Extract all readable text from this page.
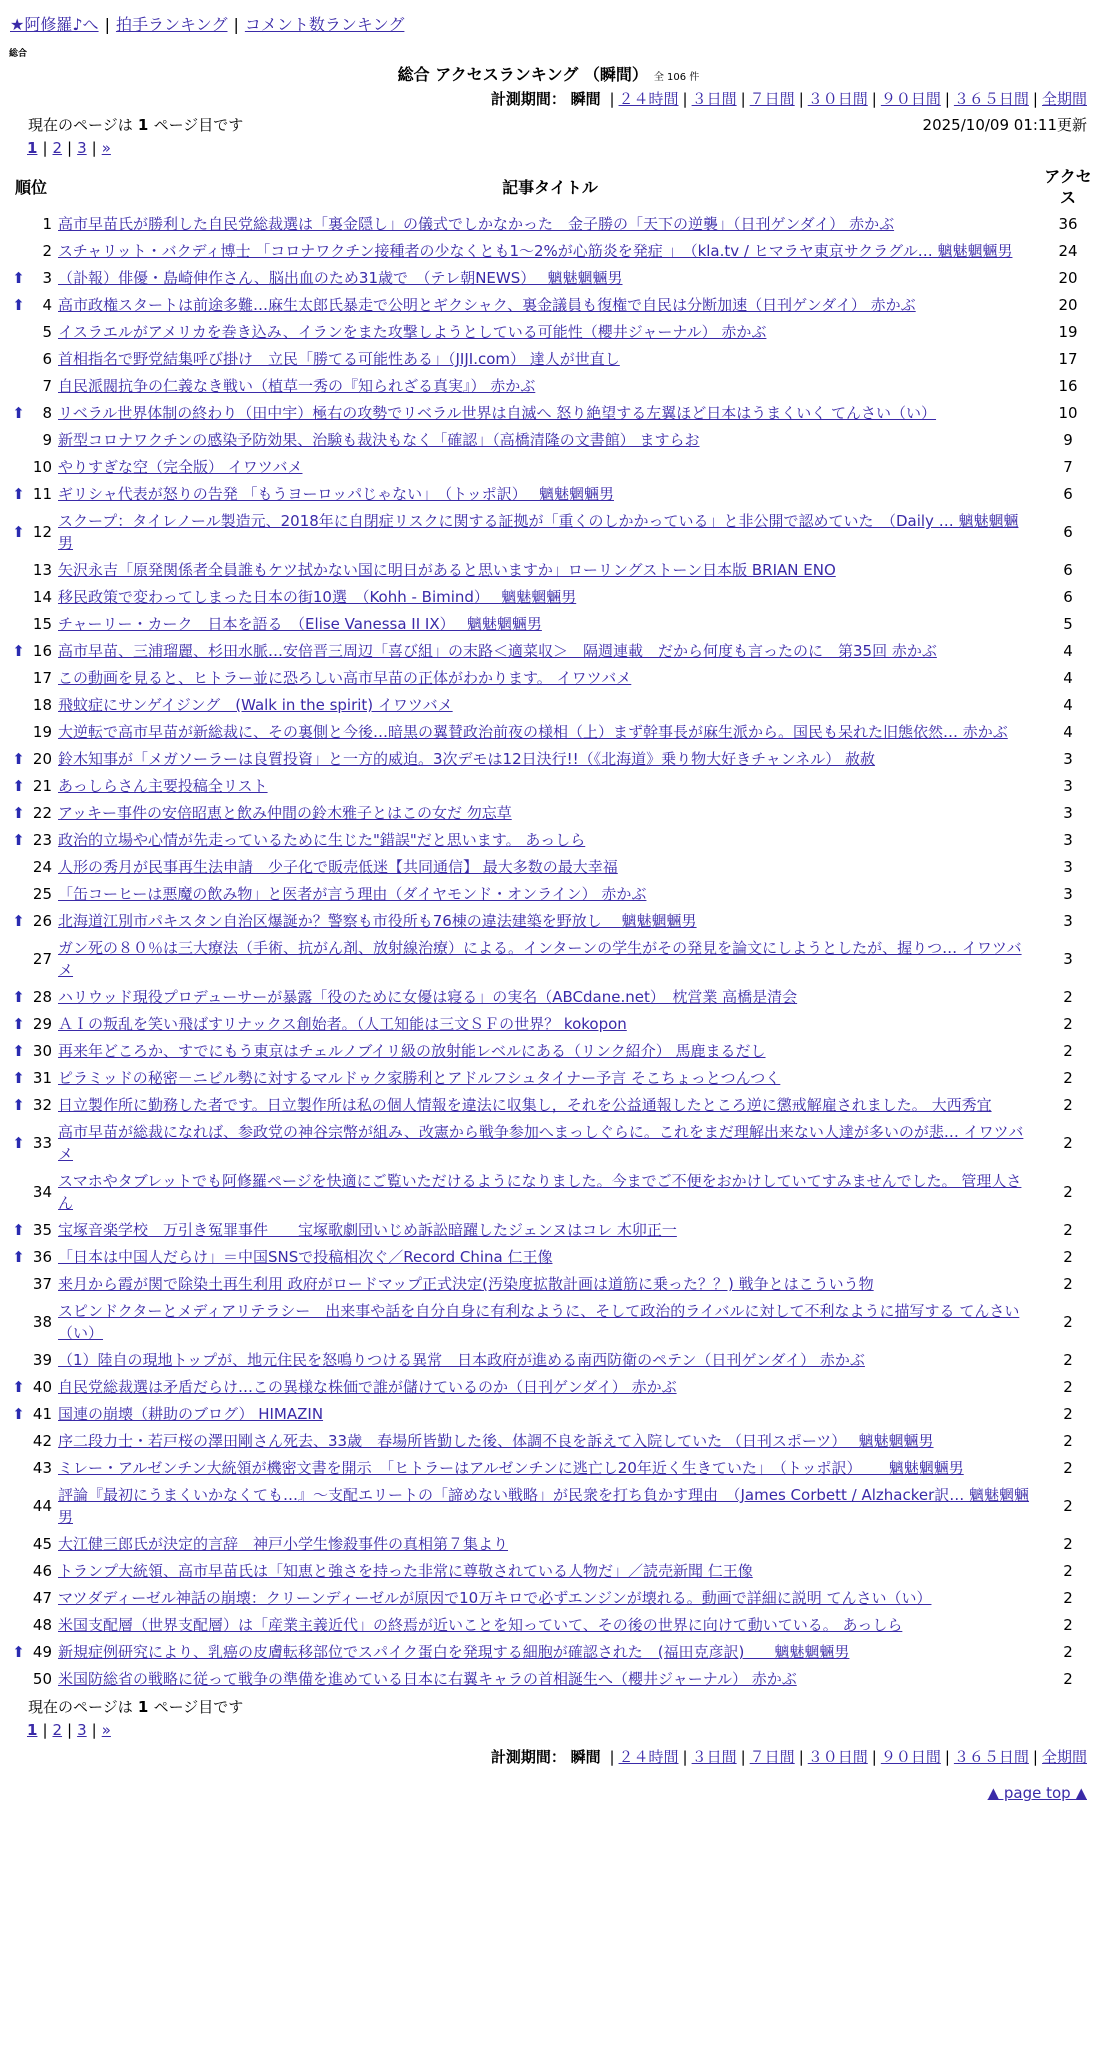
★阿修羅♪へ | 拍手ランキング | コメント数ランキング
総合
総合 アクセスランキング （瞬間） 全 106 件
計測期間： 瞬間 | ２４時間 | ３日間 | ７日間 | ３０日間 | ９０日間 | ３６５日間 | 全期間
現在のページは 1 ページ目です	2025/10/09 01:11更新
1 | 2 | 3 | »
順位		記事タイトル	アクセス
	1	高市早苗氏が勝利した自民党総裁選は「裏金隠し」の儀式でしかなかった　金子勝の「天下の逆襲」（日刊ゲンダイ） 赤かぶ	36
	2	スチャリット・バクディ博士 「コロナワクチン接種者の少なくとも1～2%が心筋炎を発症 」　（kla.tv / ヒマラヤ東京サクラグル… 魑魅魍魎男	24
⬆	3	（訃報）俳優・島崎伸作さん、脳出血のため31歳で　（テレ朝NEWS）　 魑魅魍魎男	20
⬆	4	高市政権スタートは前途多難…麻生太郎氏暴走で公明とギクシャク、裏金議員も復権で自民は分断加速（日刊ゲンダイ） 赤かぶ	20
	5	イスラエルがアメリカを巻き込み、イランをまた攻撃しようとしている可能性（櫻井ジャーナル） 赤かぶ	19
	6	首相指名で野党結集呼び掛け　立民「勝てる可能性ある」（JIJI.com） 達人が世直し	17
	7	自民派閥抗争の仁義なき戦い（植草一秀の『知られざる真実』） 赤かぶ	16
⬆	8	リベラル世界体制の終わり（田中宇）極右の攻勢でリベラル世界は自滅へ 怒り絶望する左翼ほど日本はうまくいく てんさい（い）	10
	9	新型コロナワクチンの感染予防効果、治験も裁決もなく「確認」（高橋清隆の文書館） ますらお	9
	10	やりすぎな空（完全版） イワツバメ	7
⬆	11	ギリシャ代表が怒りの告発 「もうヨーロッパじゃない」　（トッポ訳）　 魑魅魍魎男	6
⬆	12	スクープ：タイレノール製造元、2018年に自閉症リスクに関する証拠が「重くのしかかっている」と非公開で認めていた　（Daily … 魑魅魍魎男	6
	13	矢沢永吉「原発関係者全員誰もケツ拭かない国に明日があると思いますか」ローリングストーン日本版 BRIAN ENO	6
	14	移民政策で変わってしまった日本の街10選　（Kohh - Bimind）　 魑魅魍魎男	6
	15	チャーリー・カーク　日本を語る　（Elise Vanessa II IX）　 魑魅魍魎男	5
⬆	16	高市早苗、三浦瑠麗、杉田水脈…安倍晋三周辺「喜び組」の末路＜適菜収＞　隔週連載　だから何度も言ったのに　第35回 赤かぶ	4
	17	この動画を見ると、ヒトラー並に恐ろしい高市早苗の正体がわかります。 イワツバメ	4
	18	飛蚊症にサンゲイジング　(Walk in the spirit) イワツバメ	4
	19	大逆転で高市早苗が新総裁に、その裏側と今後…暗黒の翼賛政治前夜の様相（上）まず幹事長が麻生派から。国民も呆れた旧態依然… 赤かぶ	4
⬆	20	鈴木知事が「メガソーラーは良質投資」と一方的威迫。3次デモは12日決行!!（《北海道》乗り物大好きチャンネル） 赦赦	3
⬆	21	あっしらさん主要投稿全リスト	3
⬆	22	アッキー事件の安倍昭恵と飲み仲間の鈴木雅子とはこの女だ 勿忘草	3
⬆	23	政治的立場や心情が先走っているために生じた"錯誤"だと思います。 あっしら	3
	24	人形の秀月が民事再生法申請　少子化で販売低迷【共同通信】 最大多数の最大幸福	3
	25	「缶コーヒーは悪魔の飲み物」と医者が言う理由（ダイヤモンド・オンライン） 赤かぶ	3
⬆	26	北海道江別市パキスタン自治区爆誕か？警察も市役所も76棟の違法建築を野放し　 魑魅魍魎男	3
	27	ガン死の８０％は三大療法（手術、抗がん剤、放射線治療）による。インターンの学生がその発見を論文にしようとしたが、握りつ… イワツバメ	3
⬆	28	ハリウッド現役プロデューサーが暴露「役のために女優は寝る」の実名（ABCdane.net）　枕営業 高橋是清会	2
⬆	29	ＡＩの叛乱を笑い飛ばすリナックス創始者。（人工知能は三文ＳＦの世界？ kokopon	2
⬆	30	再来年どころか、すでにもう東京はチェルノブイリ級の放射能レベルにある（リンク紹介） 馬鹿まるだし	2
⬆	31	ピラミッドの秘密－ニビル勢に対するマルドゥク家勝利とアドルフシュタイナー予言 そこちょっとつんつく	2
⬆	32	日立製作所に勤務した者です。日立製作所は私の個人情報を違法に収集し，それを公益通報したところ逆に懲戒解雇されました。 大西秀宜	2
⬆	33	高市早苗が総裁になれば、参政党の神谷宗幣が組み、改憲から戦争参加へまっしぐらに。これをまだ理解出来ない人達が多いのが悲… イワツバメ	2
	34	スマホやタブレットでも阿修羅ページを快適にご覧いただけるようになりました。今までご不便をおかけしていてすみませんでした。 管理人さん	2
⬆	35	宝塚音楽学校　万引き冤罪事件　　宝塚歌劇団いじめ訴訟暗躍したジェンヌはコレ 木卯正一	2
⬆	36	「日本は中国人だらけ」＝中国SNSで投稿相次ぐ／Record China 仁王像	2
	37	来月から霞が関で除染土再生利用 政府がロードマップ正式決定(汚染度拡散計画は道筋に乗った？？) 戦争とはこういう物	2
	38	スピンドクターとメディアリテラシー　出来事や話を自分自身に有利なように、そして政治的ライバルに対して不利なように描写する てんさい（い）	2
	39	（1）陸自の現地トップが、地元住民を怒鳴りつける異常　日本政府が進める南西防衛のペテン（日刊ゲンダイ） 赤かぶ	2
⬆	40	自民党総裁選は矛盾だらけ…この異様な株価で誰が儲けているのか（日刊ゲンダイ） 赤かぶ	2
⬆	41	国連の崩壊（耕助のブログ） HIMAZIN	2
	42	序二段力士・若戸桜の澤田剛さん死去、33歳　春場所皆勤した後、体調不良を訴えて入院していた （日刊スポーツ）　 魑魅魍魎男	2
	43	ミレー・アルゼンチン大統領が機密文書を開示　「ヒトラーはアルゼンチンに逃亡し20年近く生きていた」　（トッポ訳）　　 魑魅魍魎男	2
	44	評論『最初にうまくいかなくても…』～支配エリートの「諦めない戦略」が民衆を打ち負かす理由　（James Corbett / Alzhacker訳… 魑魅魍魎男	2
	45	大江健三郎氏が決定的言辞　神戸小学生惨殺事件の真相第７集より	2
	46	トランプ大統領、高市早苗氏は「知恵と強さを持った非常に尊敬されている人物だ」／読売新聞 仁王像	2
	47	マツダディーゼル神話の崩壊：クリーンディーゼルが原因で10万キロで必ずエンジンが壊れる。動画で詳細に説明 てんさい（い）	2
	48	米国支配層（世界支配層）は「産業主義近代」の終焉が近いことを知っていて、その後の世界に向けて動いている。 あっしら	2
⬆	49	新規症例研究により、乳癌の皮膚転移部位でスパイク蛋白を発現する細胞が確認された　(福田克彦訳)　　魑魅魍魎男	2
	50	米国防総省の戦略に従って戦争の準備を進めている日本に右翼キャラの首相誕生へ（櫻井ジャーナル） 赤かぶ	2
現在のページは 1 ページ目です
1 | 2 | 3 | »
計測期間： 瞬間 | ２４時間 | ３日間 | ７日間 | ３０日間 | ９０日間 | ３６５日間 | 全期間
▲ page top ▲
